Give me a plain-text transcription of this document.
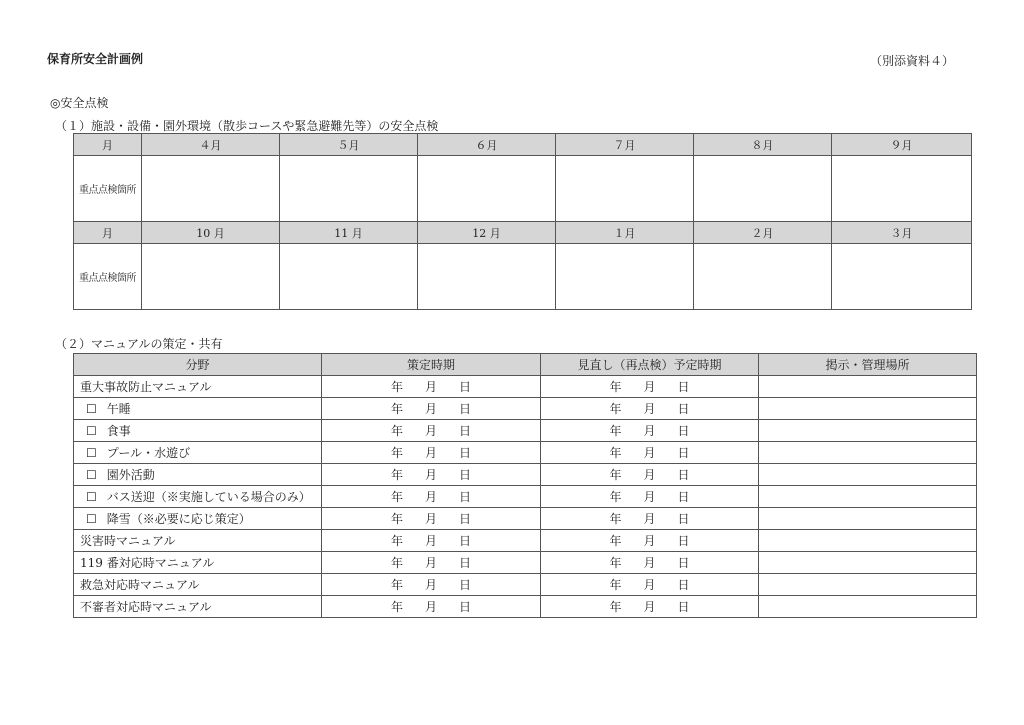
保育所安全計画例	（別添資料４）
◎安全点検
（１）施設・設備・園外環境（散歩コースや緊急避難先等）の安全点検
月	４月	５月	６月	７月	８月	９月
重点点検箇所						
月	10 月	11 月	12 月	１月	２月	３月
重点点検箇所						
（２）マニュアルの策定・共有
分野	策定時期	見直し（再点検）予定時期	掲示・管理場所
重大事故防止マニュアル	年 月 日	年 月 日	
☐ 午睡	年 月 日	年 月 日	
☐ 食事	年 月 日	年 月 日	
☐ プール・水遊び	年 月 日	年 月 日	
☐ 園外活動	年 月 日	年 月 日	
☐ バス送迎（※実施している場合のみ）	年 月 日	年 月 日	
☐ 降雪（※必要に応じ策定）	年 月 日	年 月 日	
災害時マニュアル	年 月 日	年 月 日	
119 番対応時マニュアル	年 月 日	年 月 日	
救急対応時マニュアル	年 月 日	年 月 日	
不審者対応時マニュアル	年 月 日	年 月 日	
